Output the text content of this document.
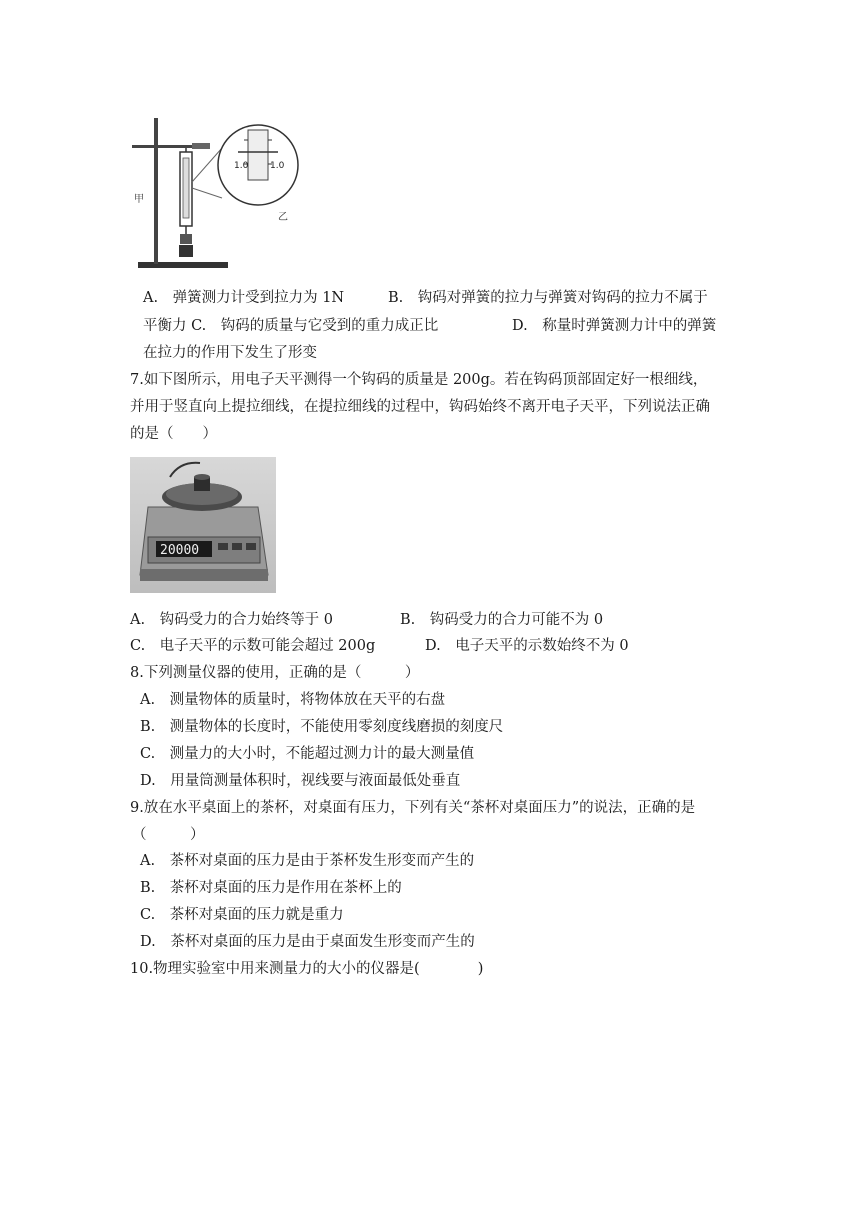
1.0 1.0
甲
乙
A.　弹簧测力计受到拉力为 1N	B.　钩码对弹簧的拉力与弹簧对钩码的拉力不属于
平衡力 C.　钩码的质量与它受到的重力成正比	D.　称量时弹簧测力计中的弹簧
在拉力的作用下发生了形变
7.如下图所示，用电子天平测得一个钩码的质量是 200g。若在钩码顶部固定好一根细线，
并用于竖直向上提拉细线，在提拉细线的过程中，钩码始终不离开电子天平，下列说法正确
的是（　　）
20000
A.　钩码受力的合力始终等于 0	B.　钩码受力的合力可能不为 0
C.　电子天平的示数可能会超过 200g	D.　电子天平的示数始终不为 0
8.下列测量仪器的使用，正确的是（　　　）
A.　测量物体的质量时，将物体放在天平的右盘
B.　测量物体的长度时，不能使用零刻度线磨损的刻度尺
C.　测量力的大小时，不能超过测力计的最大测量值
D.　用量筒测量体积时，视线要与液面最低处垂直
9.放在水平桌面上的茶杯，对桌面有压力，下列有关“茶杯对桌面压力”的说法，正确的是
（　　　）
A.　茶杯对桌面的压力是由于茶杯发生形变而产生的
B.　茶杯对桌面的压力是作用在茶杯上的
C.　茶杯对桌面的压力就是重力
D.　茶杯对桌面的压力是由于桌面发生形变而产生的
10.物理实验室中用来测量力的大小的仪器是(　　　　)
